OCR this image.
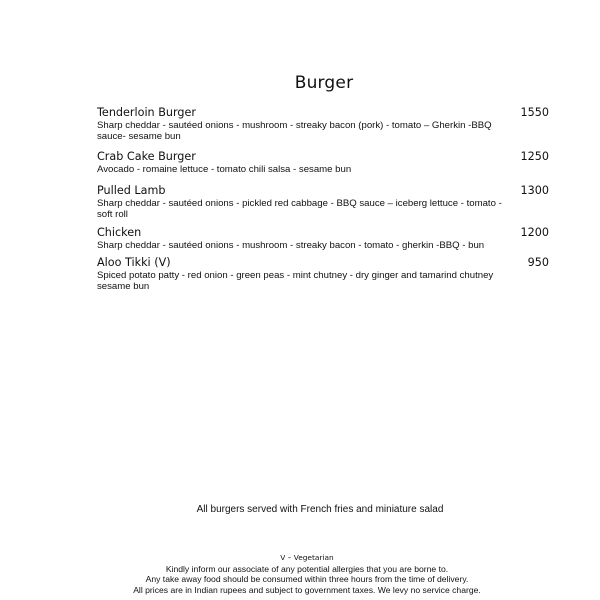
Burger
Tenderloin Burger	1550
Sharp cheddar - sautéed onions - mushroom - streaky bacon (pork) - tomato – Gherkin -BBQ sauce- sesame bun
Crab Cake Burger	1250
Avocado - romaine lettuce - tomato chili salsa - sesame bun
Pulled Lamb	1300
Sharp cheddar - sautéed onions - pickled red cabbage - BBQ sauce – iceberg lettuce - tomato - soft roll
Chicken	1200
Sharp cheddar - sautéed onions - mushroom - streaky bacon - tomato - gherkin -BBQ - bun
Aloo Tikki (V)	950
Spiced potato patty - red onion - green peas - mint chutney - dry ginger and tamarind chutney sesame bun
All burgers served with French fries and miniature salad
V – Vegetarian
Kindly inform our associate of any potential allergies that you are borne to.
Any take away food should be consumed within three hours from the time of delivery.
All prices are in Indian rupees and subject to government taxes. We levy no service charge.
